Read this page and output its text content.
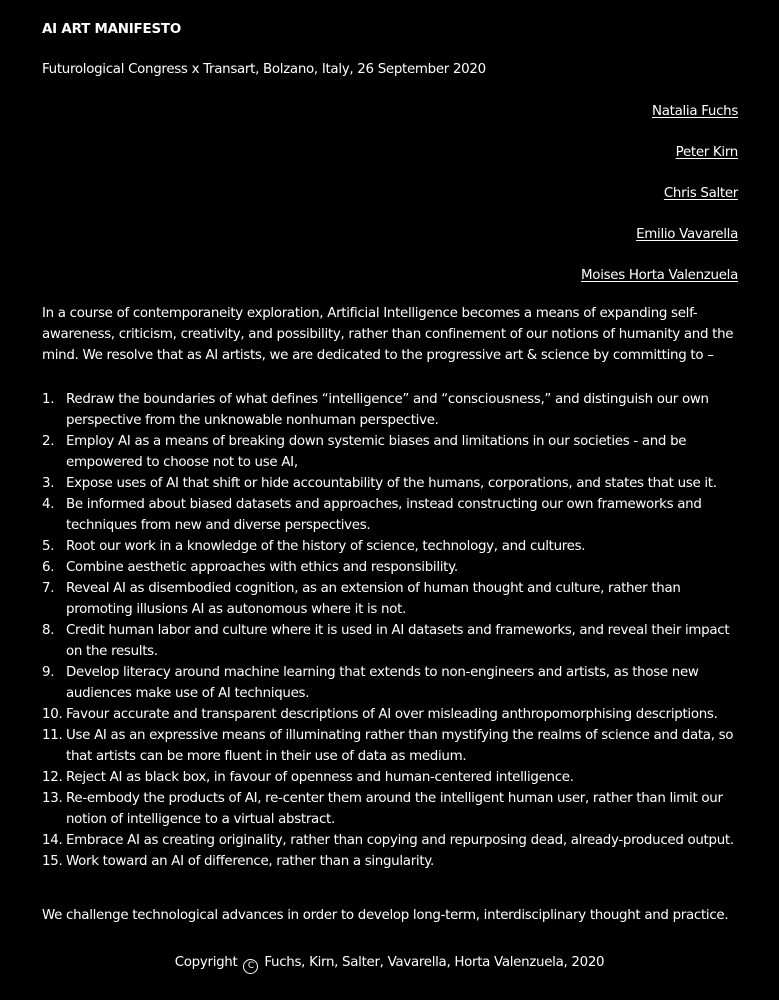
AI ART MANIFESTO
Futurological Congress x Transart, Bolzano, Italy, 26 September 2020
Natalia Fuchs
Peter Kirn
Chris Salter
Emilio Vavarella
Moises Horta Valenzuela
In a course of contemporaneity exploration, Artificial Intelligence becomes a means of expanding self-awareness, criticism, creativity, and possibility, rather than confinement of our notions of humanity and the mind. We resolve that as AI artists, we are dedicated to the progressive art & science by committing to –
1. Redraw the boundaries of what defines “intelligence” and “consciousness,” and distinguish our own perspective from the unknowable nonhuman perspective.
2. Employ AI as a means of breaking down systemic biases and limitations in our societies - and be empowered to choose not to use AI,
3. Expose uses of AI that shift or hide accountability of the humans, corporations, and states that use it.
4. Be informed about biased datasets and approaches, instead constructing our own frameworks and techniques from new and diverse perspectives.
5. Root our work in a knowledge of the history of science, technology, and cultures.
6. Combine aesthetic approaches with ethics and responsibility.
7. Reveal AI as disembodied cognition, as an extension of human thought and culture, rather than promoting illusions AI as autonomous where it is not.
8. Credit human labor and culture where it is used in AI datasets and frameworks, and reveal their impact on the results.
9. Develop literacy around machine learning that extends to non-engineers and artists, as those new audiences make use of AI techniques.
10. Favour accurate and transparent descriptions of AI over misleading anthropomorphising descriptions.
11. Use AI as an expressive means of illuminating rather than mystifying the realms of science and data, so that artists can be more fluent in their use of data as medium.
12. Reject AI as black box, in favour of openness and human-centered intelligence.
13. Re-embody the products of AI, re-center them around the intelligent human user, rather than limit our notion of intelligence to a virtual abstract.
14. Embrace AI as creating originality, rather than copying and repurposing dead, already-produced output.
15. Work toward an AI of difference, rather than a singularity.
We challenge technological advances in order to develop long-term, interdisciplinary thought and practice.
Copyright C Fuchs, Kirn, Salter, Vavarella, Horta Valenzuela, 2020
